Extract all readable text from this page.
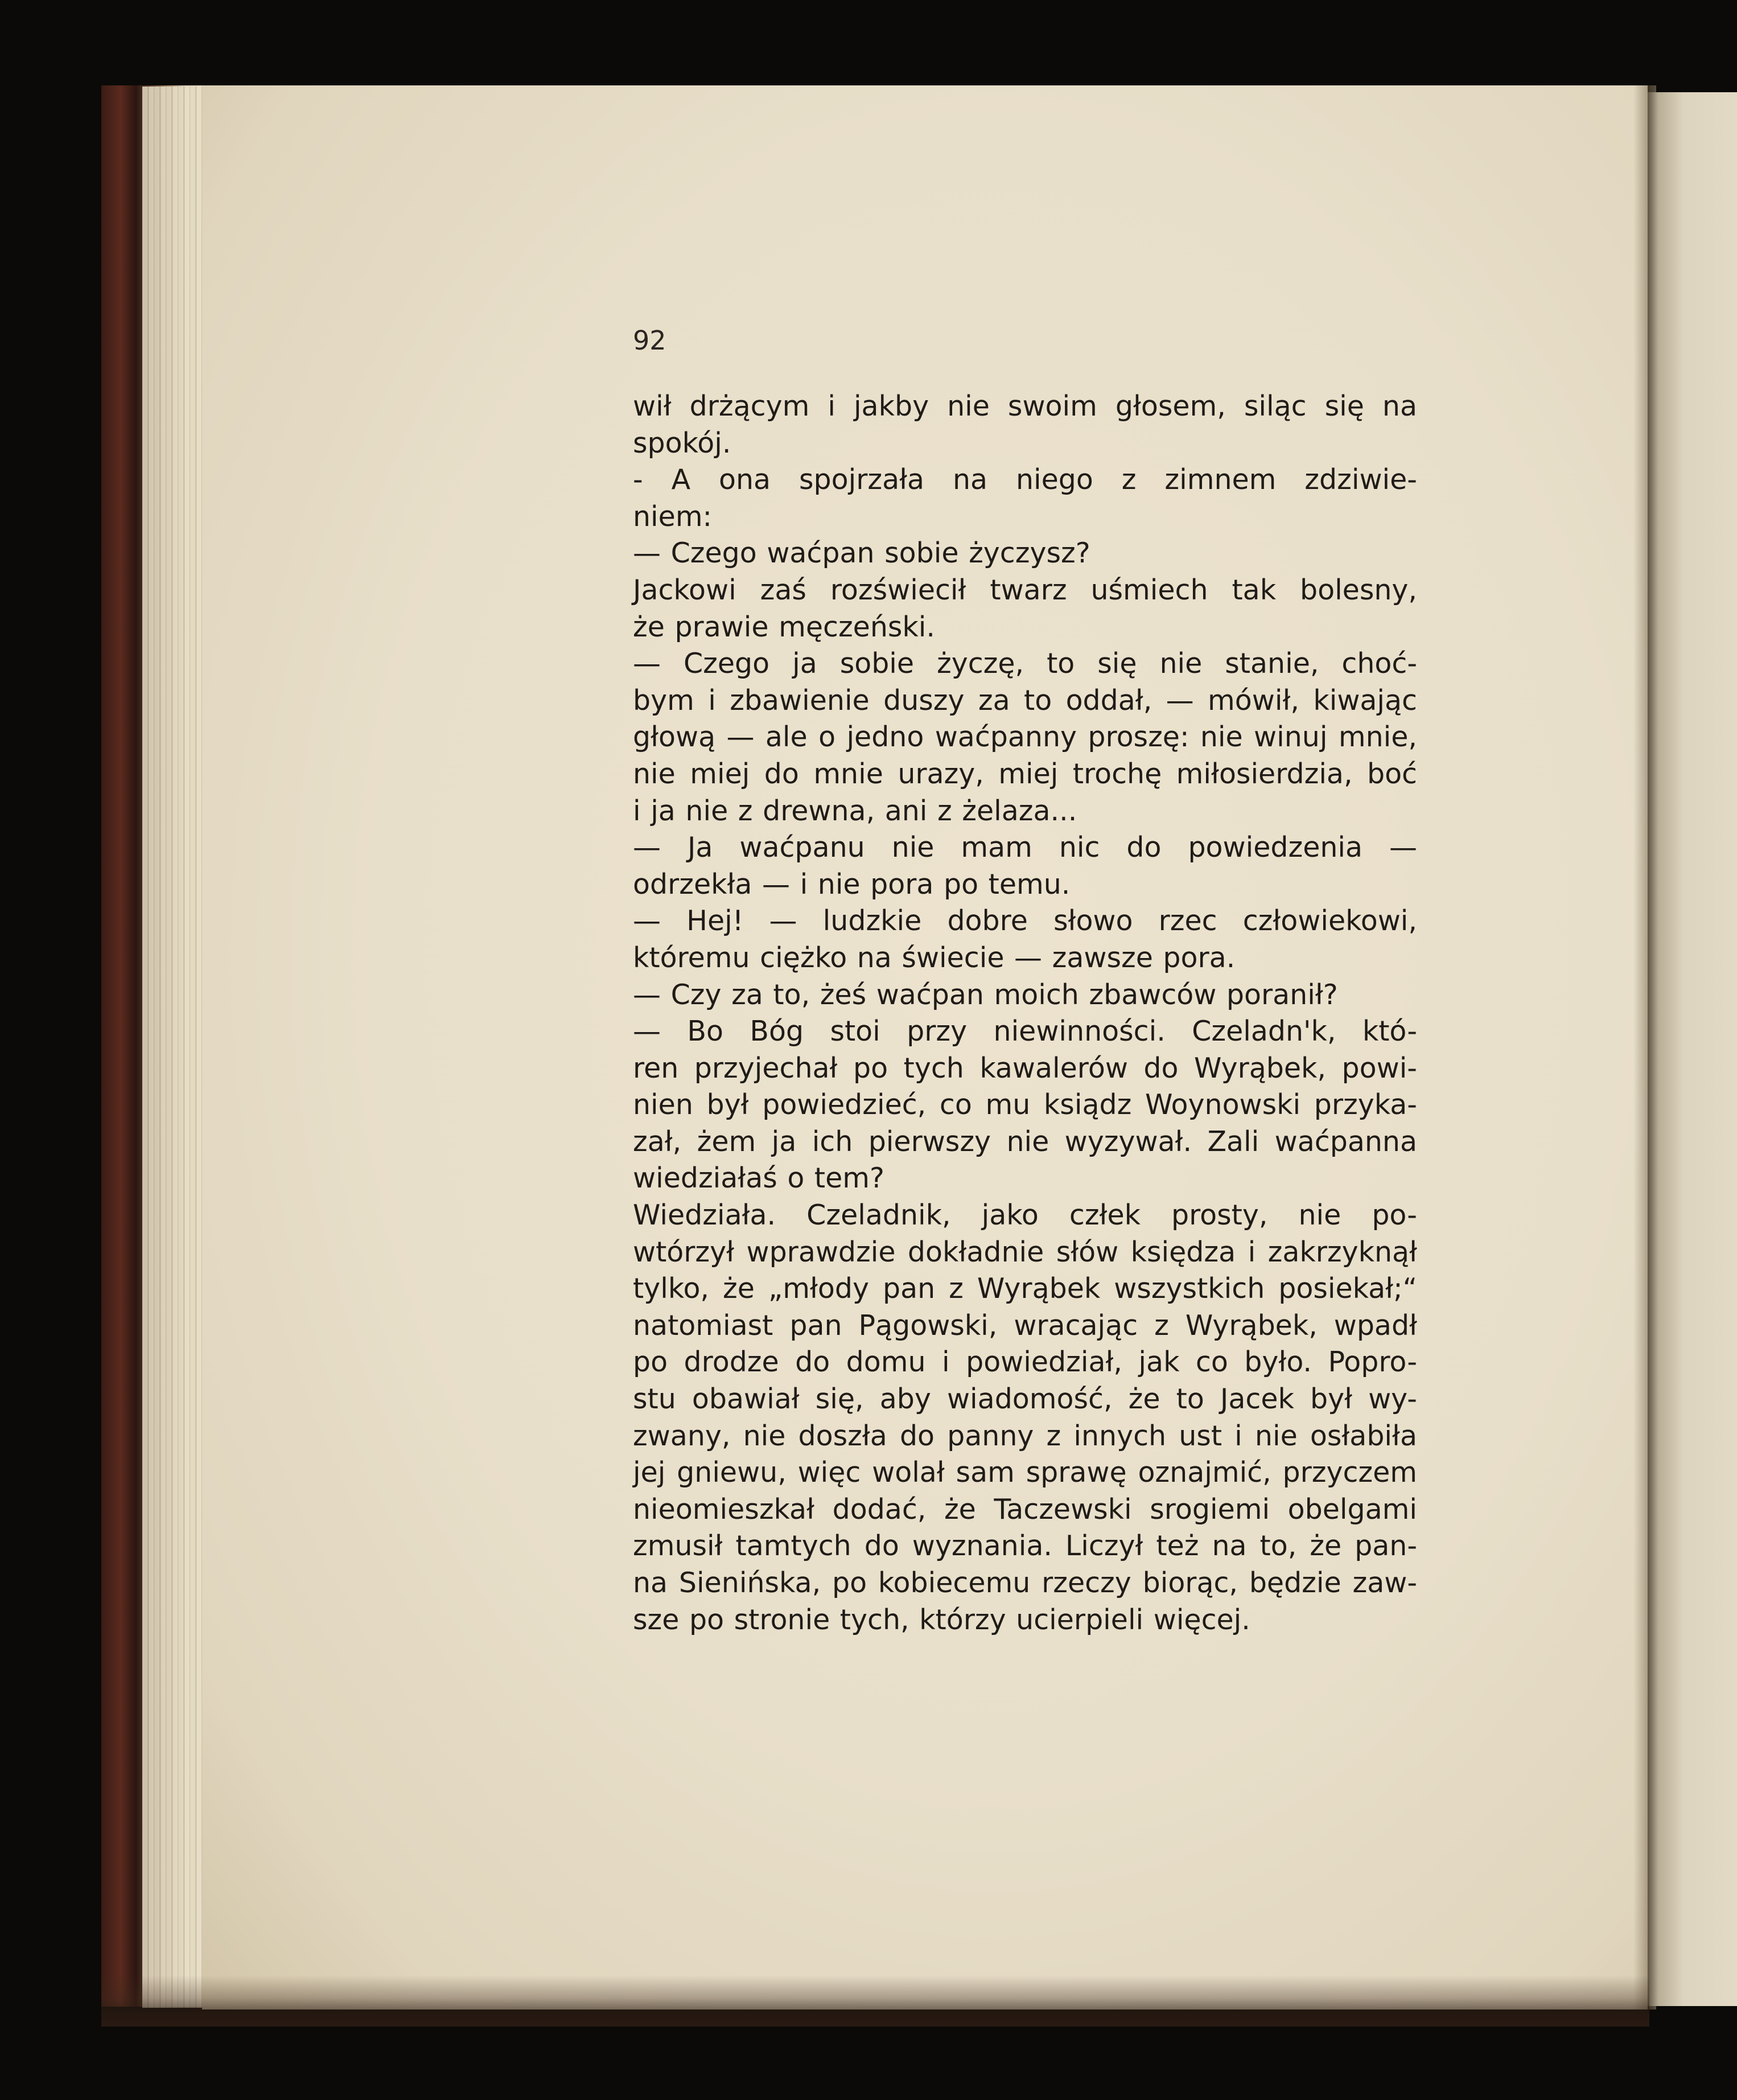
wił drżącym i jakby nie swoim głosem, siląc się na

spokój.

- A ona spojrzała na niego z zimnem zdziwie-

niem:

— Czego waćpan sobie życzysz?

Jackowi zaś rozświecił twarz uśmiech tak bolesny,

że prawie męczeński.

— Czego ja sobie życzę, to się nie stanie, choć-

bym i zbawienie duszy za to oddał, — mówił, kiwając

głową — ale o jedno waćpanny proszę: nie winuj mnie,

nie miej do mnie urazy, miej trochę miłosierdzia, boć

i ja nie z drewna, ani z żelaza...

— Ja waćpanu nie mam nic do powiedzenia —

odrzekła — i nie pora po temu.

— Hej! — ludzkie dobre słowo rzec człowiekowi,

któremu ciężko na świecie — zawsze pora.

— Czy za to, żeś waćpan moich zbawców poranił?

— Bo Bóg stoi przy niewinności. Czeladn'k, któ-

ren przyjechał po tych kawalerów do Wyrąbek, powi-

nien był powiedzieć, co mu ksiądz Woynowski przyka-

zał, żem ja ich pierwszy nie wyzywał. Zali waćpanna

wiedziałaś o tem?

Wiedziała. Czeladnik, jako człek prosty, nie po-

wtórzył wprawdzie dokładnie słów księdza i zakrzyknął

tylko, że „młody pan z Wyrąbek wszystkich posiekał;“

natomiast pan Pągowski, wracając z Wyrąbek, wpadł

po drodze do domu i powiedział, jak co było. Popro-

stu obawiał się, aby wiadomość, że to Jacek był wy-

zwany, nie doszła do panny z innych ust i nie osłabiła

jej gniewu, więc wolał sam sprawę oznajmić, przyczem

nieomieszkał dodać, że Taczewski srogiemi obelgami

zmusił tamtych do wyznania. Liczył też na to, że pan-

na Sienińska, po kobiecemu rzeczy biorąc, będzie zaw-

sze po stronie tych, którzy ucierpieli więcej.

92
